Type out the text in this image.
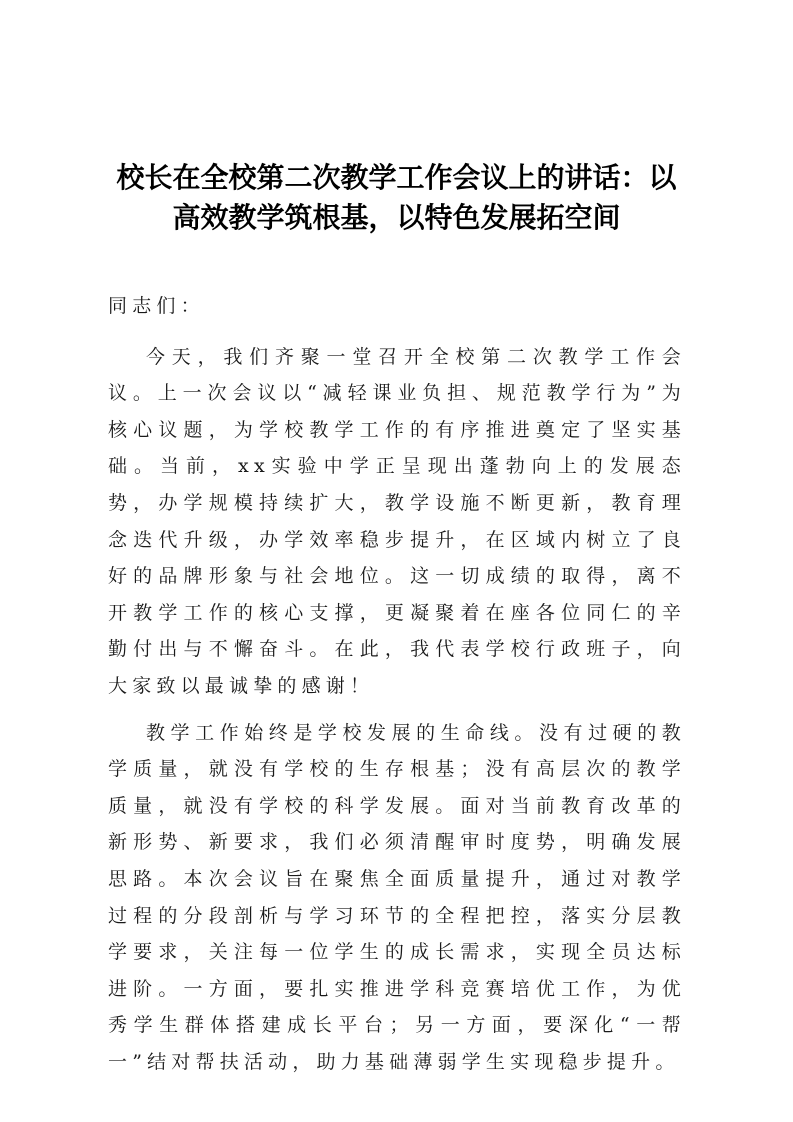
校长在全校第二次教学工作会议上的讲话：以
高效教学筑根基，以特色发展拓空间

同志们：

今天，我们齐聚一堂召开全校第二次教学工作会议。上一次会议以“减轻课业负担、规范教学行为”为核心议题，为学校教学工作的有序推进奠定了坚实基础。当前，xx实验中学正呈现出蓬勃向上的发展态势，办学规模持续扩大，教学设施不断更新，教育理念迭代升级，办学效率稳步提升，在区域内树立了良好的品牌形象与社会地位。这一切成绩的取得，离不开教学工作的核心支撑，更凝聚着在座各位同仁的辛勤付出与不懈奋斗。在此，我代表学校行政班子，向大家致以最诚挚的感谢！

教学工作始终是学校发展的生命线。没有过硬的教学质量，就没有学校的生存根基；没有高层次的教学质量，就没有学校的科学发展。面对当前教育改革的新形势、新要求，我们必须清醒审时度势，明确发展思路。本次会议旨在聚焦全面质量提升，通过对教学过程的分段剖析与学习环节的全程把控，落实分层教学要求，关注每一位学生的成长需求，实现全员达标进阶。一方面，要扎实推进学科竞赛培优工作，为优秀学生群体搭建成长平台；另一方面，要深化“一帮一”结对帮扶活动，助力基础薄弱学生实现稳步提升。
